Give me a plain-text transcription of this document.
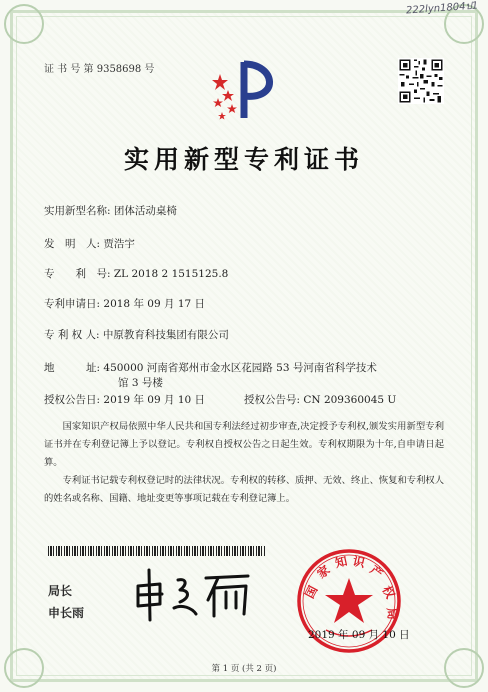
222lyn1804ป1
证 书 号 第 9358698 号
实用新型专利证书
实用新型名称: 团体活动桌椅
发　明　人: 贾浩宇
专　　利　号: ZL 2018 2 1515125.8
专利申请日: 2018 年 09 月 17 日
专 利 权 人: 中原教育科技集团有限公司
地　　　址: 450000 河南省郑州市金水区花园路 53 号河南省科学技术
馆 3 号楼
授权公告日: 2019 年 09 月 10 日	授权公告号: CN 209360045 U
国家知识产权局依照中华人民共和国专利法经过初步审查,决定授予专利权,颁发实用新型专利证书并在专利登记簿上予以登记。专利权自授权公告之日起生效。专利权期限为十年,自申请日起算。
专利证书记载专利权登记时的法律状况。专利权的转移、质押、无效、终止、恢复和专利权人的姓名或名称、国籍、地址变更等事项记载在专利登记簿上。
局长
申长雨
国
家
知 识
产
权
局
2019 年 09 月 10 日
第 1 页 (共 2 页)
